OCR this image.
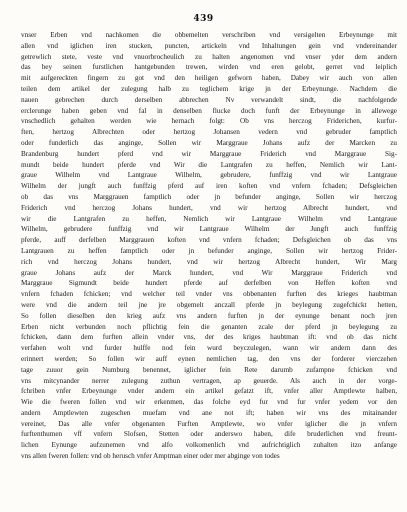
439
vnser Erben vnd nachkomen die obbemelten verschriben vnd versigelten Erbeynunge mit
allen vnd iglichen iren stucken, puncten, artickeln vnd Inhaltungen gein vnd vndereinander
getrewlich stete, veste vnd vnuorbrocheulich zu halten angenomen vnd vnser yder dem andern
das bey seinen furstlichen hantgebunden trewen, wirden vnd eren gelobt, gerret vnd leiplich
mit aufgereckten fingern zu got vnd den heiligen gefworn haben, Dabey wir auch von allen
teilen dem artikel der zulegung halb zu teglichem krige jn der Erbeynunge. Nachdem die
nauen gebrechen durch derselben abbrechen Nv verwandelt sindt, die nachfolgende
erclerunge haben geben vnd fal in denselben flucke doch funft der Erbeynunge in allewege
vnschedlich gehalten werden wie hernach folgt: Ob vns herczog Friderichen, kurfur-
ften, hertzog Albrechten oder hertzog Johansen vedern vnd gebruder famptlich
oder funderlich das anginge, Sollen wir Marggraue Johans aufz der Marcken zu
Brandenburg hundert pferd vnd wir Marggraue Friderich vnd Marggraue Sig-
mundt beide hundert pferde vnd Wir die Lantgrafen zu heffen, Nemlich wir Lant-
graue Wilhelm vnd Lantgraue Wilhelm, gebrudere, funffzig vnd wir Lantgraue
Wilhelm der jungft auch funffzig pferd auf iren koften vnd vnfern fchaden; Defsgleichen
ob das vns Marggrauen famptlich oder jn befunder anginge, Sollen wir herczog
Friderich vnd herczog Johans hundert, vnd wir hertzog Albrecht hundert, vnd
wir die Lantgrafen zu heffen, Nemlich wir Lantgraue Wilhelm vnd Lantgraue
Wilhelm, gebrudere funffzig vnd wir Lantgraue Wilhelm der Jungft auch funffzig
pferde, auff derfelben Marggrauen koften vnd vnfern fchaden; Defsgleichen ob das vns
Lantgrauen zu heffen famptlich oder jn befunder anginge, Sollen wir hertzog Frider-
rich vnd herczog Johans hundert, vnd wir hertzog Albrecht hundert, Wir Marg
graue Johans aufz der Marck hundert, vnd Wir Marggraue Friderich vnd
Marggraue Sigmundt beide hundert pferde auf derfelben von Heffen koften vnd
vnfern fchaden fchicken; vnd welcher teil vnder vns obbenanten furften des krieges haubtman
were vnd die andern teil jne jre obgemelt anczall pferde jn beylegung zugefchickt hetten,
So follen dieselben den krieg aufz vns andern furften jn der eynunge benant noch jren
Erben nicht verbunden noch pflichtig fein die genanten zcale der pferd jn beylegung zu
fchicken, dann dem furften allein vnder vns, der des kriges haubtman ift: vnd ob das nicht
verfahen wolt vnd furder hulffe nod fein wurd beyczulegen, wann wir andern dann des
erinnert werden; So follen wir auff eynen nemlichen tag, den vns der forderer vierczehen
tage zuuor gein Numburg benennet, iglicher fein Rete darumb zufampne fchicken vnd
vns mitcynander nerrer zulegung zuthun vertragen, ap geuerde. Als auch in der vorge-
fchriben vnfer Erbeynunge vnder andern ein artikel gefatzt ift, vnfer aller Amptlewte halben,
Wie die fweren follen vnd wir erkenmen, das folche eyd fur vnd fur vnfer yedem vor den
andern Amptlewten zugeschen muefam vnd ane not ift; haben wir vns des mitainander
vereinet, Das alle vnfer obgenanten Furften Amptlewte, wo vnfer iglicher die jn vnfern
furftenthumen vff vnfern Slofsen, Stetten oder anderswo haben, dife bruderlichen vnd freunt-
lichen Eynunge aufzunemen vnd alfo volkomenlich vnd aufrichtiglich zuhalten itzo anfange
vns allen fweren follen: vnd ob herusch vnfer Amptman einer oder mer abginge von todes
